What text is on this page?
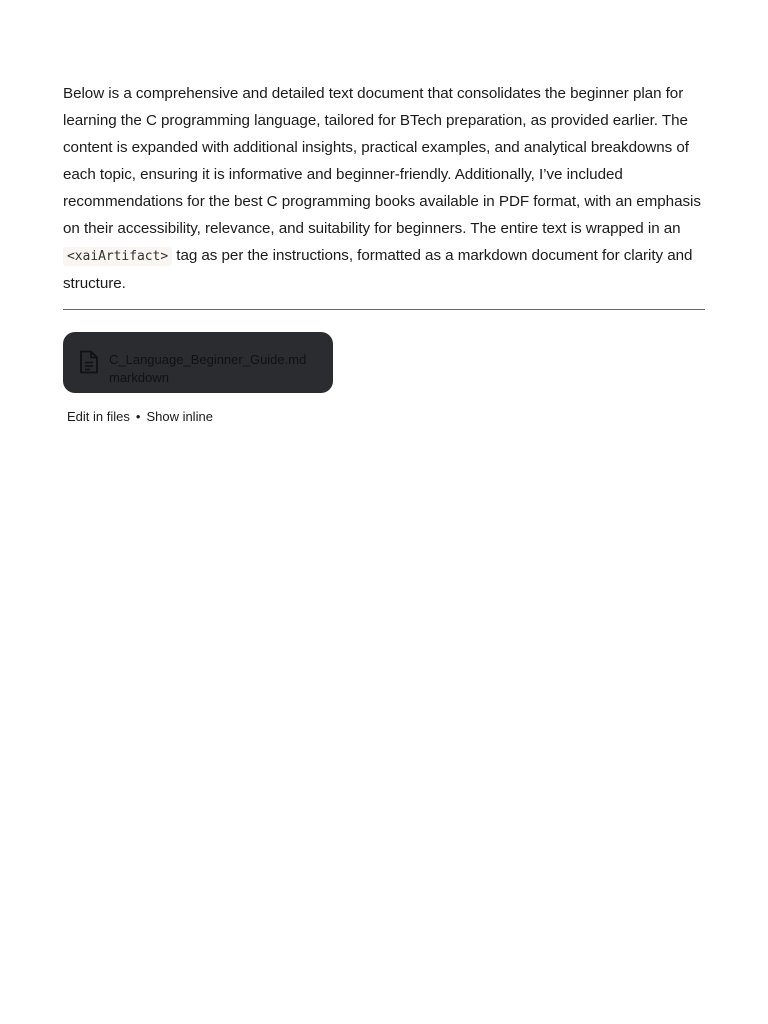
Below is a comprehensive and detailed text document that consolidates the beginner plan for learning the C programming language, tailored for BTech preparation, as provided earlier. The content is expanded with additional insights, practical examples, and analytical breakdowns of each topic, ensuring it is informative and beginner-friendly. Additionally, I’ve included recommendations for the best C programming books available in PDF format, with an emphasis on their accessibility, relevance, and suitability for beginners. The entire text is wrapped in an <xaiArtifact> tag as per the instructions, formatted as a markdown document for clarity and structure.

C_Language_Beginner_Guide.md
markdown
Edit in files • Show inline
